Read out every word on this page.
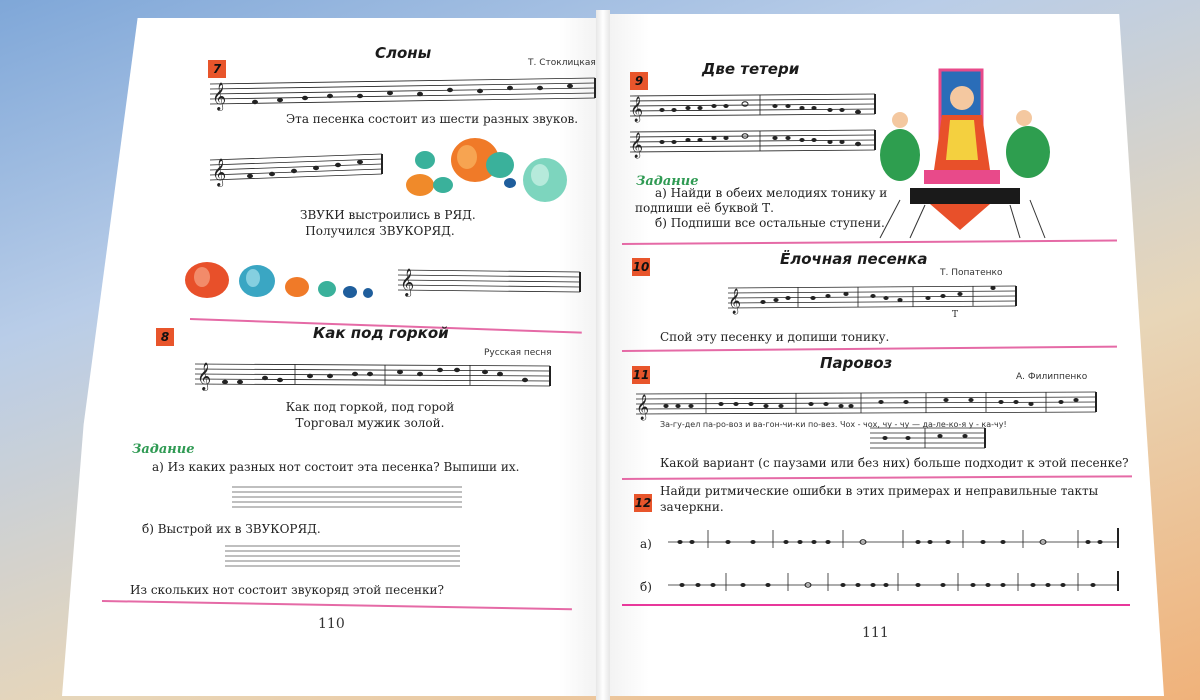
7
Слоны
Т. Стоклицкая
𝄞
Эта песенка состоит из шести разных звуков.
𝄞
ЗВУКИ выстроились в РЯД.
Получился ЗВУКОРЯД.
𝄞
8	Как под горкой
Русская песня
𝄞
Как под горкой, под горой
Торговал мужик золой.
Задание
а) Из каких разных нот состоит эта песенка? Выпиши их.
б) Выстрой их в ЗВУКОРЯД.
Из скольких нот состоит звукоряд этой песенки?
110
9
Две тетери
𝄞
𝄞
Задание
а) Найди в обеих мелодиях тонику и
подпиши её буквой Т.
б) Подпиши все остальные ступени.
10	Ёлочная песенка
Т. Попатенко
𝄞
Т
Спой эту песенку и допиши тонику.
11
Паровоз
А. Филиппенко
𝄞
За-гу-дел па-ро-воз и ва-гон-чи-ки по-вез. Чох - чох, чу - чу — да-ле-ко-я у - ка-чу!
Какой вариант (с паузами или без них) больше подходит к этой песенке?
12
Найди ритмические ошибки в этих примерах и неправильные такты
зачеркни.
а)
б)
111
